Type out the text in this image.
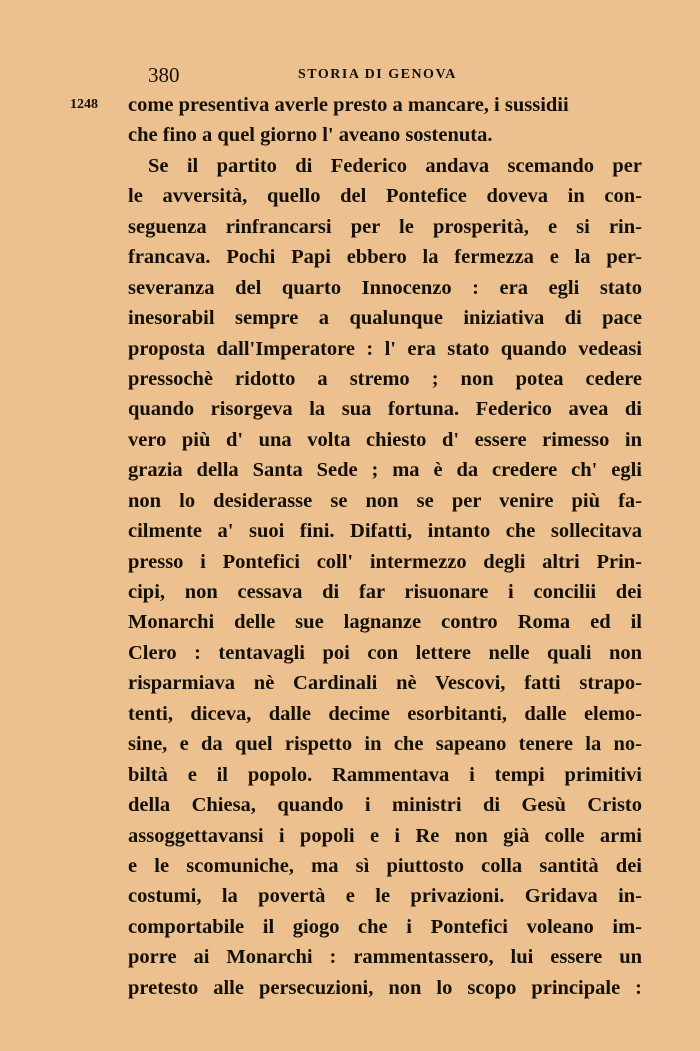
380	STORIA DI GENOVA
1248 come presentiva averle presto a mancare, i sussidii
che fino a quel giorno l' aveano sostenuta.
Se il partito di Federico andava scemando per
le avversità, quello del Pontefice doveva in con-
seguenza rinfrancarsi per le prosperità, e si rin-
francava. Pochi Papi ebbero la fermezza e la per-
severanza del quarto Innocenzo : era egli stato
inesorabil sempre a qualunque iniziativa di pace
proposta dall'Imperatore : l' era stato quando vedeasi
pressochè ridotto a stremo ; non potea cedere
quando risorgeva la sua fortuna. Federico avea di
vero più d' una volta chiesto d' essere rimesso in
grazia della Santa Sede ; ma è da credere ch' egli
non lo desiderasse se non se per venire più fa-
cilmente a' suoi fini. Difatti, intanto che sollecitava
presso i Pontefici coll' intermezzo degli altri Prin-
cipi, non cessava di far risuonare i concilii dei
Monarchi delle sue lagnanze contro Roma ed il
Clero : tentavagli poi con lettere nelle quali non
risparmiava nè Cardinali nè Vescovi, fatti strapo-
tenti, diceva, dalle decime esorbitanti, dalle elemo-
sine, e da quel rispetto in che sapeano tenere la no-
biltà e il popolo. Rammentava i tempi primitivi
della Chiesa, quando i ministri di Gesù Cristo
assoggettavansi i popoli e i Re non già colle armi
e le scomuniche, ma sì piuttosto colla santità dei
costumi, la povertà e le privazioni. Gridava in-
comportabile il giogo che i Pontefici voleano im-
porre ai Monarchi : rammentassero, lui essere un
pretesto alle persecuzioni, non lo scopo principale :
